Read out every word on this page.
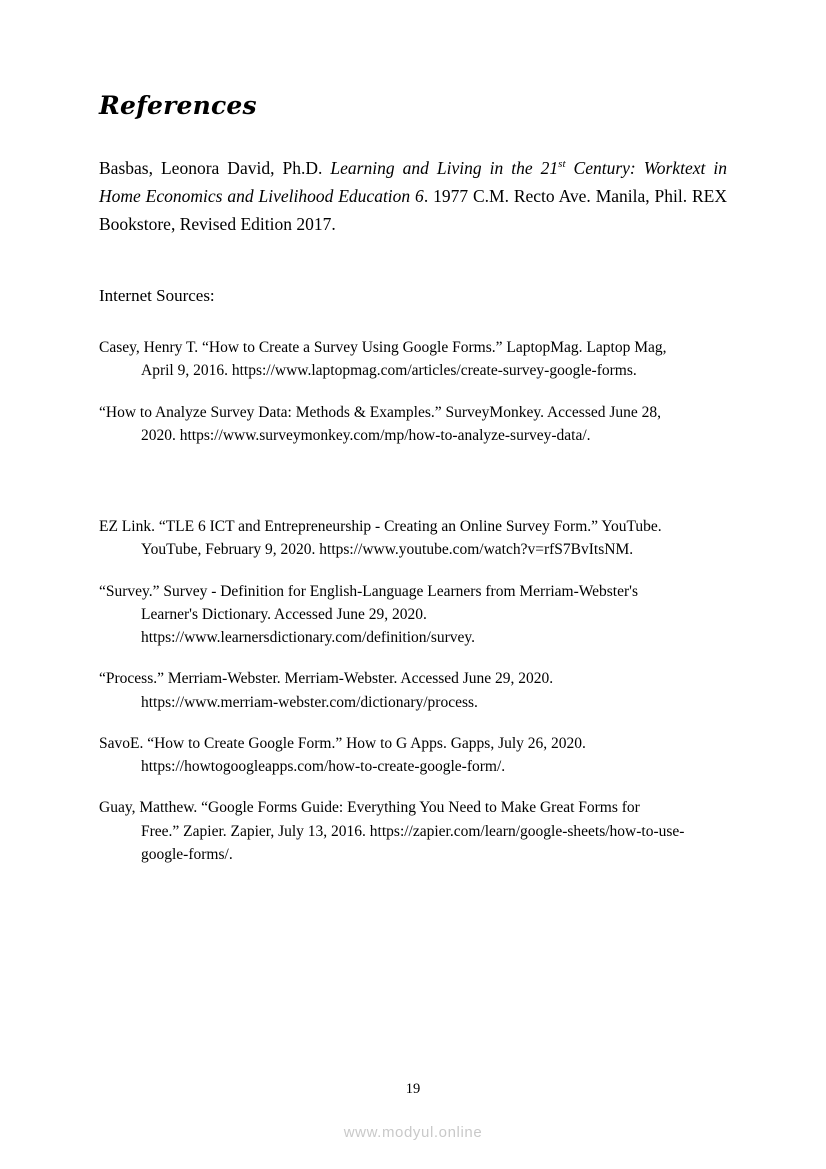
References

Basbas, Leonora David, Ph.D. Learning and Living in the 21st Century: Worktext in Home Economics and Livelihood Education 6. 1977 C.M. Recto Ave. Manila, Phil. REX Bookstore, Revised Edition 2017.

Internet Sources:

Casey, Henry T. “How to Create a Survey Using Google Forms.” LaptopMag. Laptop Mag,
April 9, 2016. https://www.laptopmag.com/articles/create-survey-google-forms.
“How to Analyze Survey Data: Methods & Examples.” SurveyMonkey. Accessed June 28,
2020. https://www.surveymonkey.com/mp/how-to-analyze-survey-data/.
EZ Link. “TLE 6 ICT and Entrepreneurship - Creating an Online Survey Form.” YouTube.
YouTube, February 9, 2020. https://www.youtube.com/watch?v=rfS7BvItsNM.
“Survey.” Survey - Definition for English-Language Learners from Merriam-Webster's
Learner's Dictionary. Accessed June 29, 2020.
https://www.learnersdictionary.com/definition/survey.
“Process.” Merriam-Webster. Merriam-Webster. Accessed June 29, 2020.
https://www.merriam-webster.com/dictionary/process.
SavoE. “How to Create Google Form.” How to G Apps. Gapps, July 26, 2020.
https://howtogoogleapps.com/how-to-create-google-form/.
Guay, Matthew. “Google Forms Guide: Everything You Need to Make Great Forms for
Free.” Zapier. Zapier, July 13, 2016. https://zapier.com/learn/google-sheets/how-to-use-
google-forms/.
19
www.modyul.online
